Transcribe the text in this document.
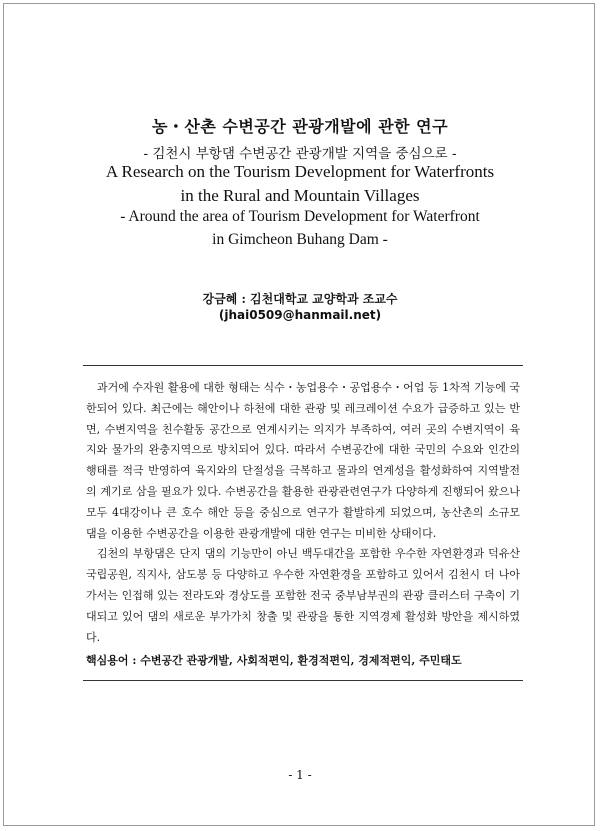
농・산촌 수변공간 관광개발에 관한 연구
- 김천시 부항댐 수변공간 관광개발 지역을 중심으로 -
A Research on the Tourism Development for Waterfronts
in the Rural and Mountain Villages
- Around the area of Tourism Development for Waterfront
in Gimcheon Buhang Dam -
강금혜 : 김천대학교 교양학과 조교수
(jhai0509@hanmail.net)

과거에 수자원 활용에 대한 형태는 식수・농업용수・공업용수・어업 등 1차적 기능에 국한되어 있다. 최근에는 해안이나 하천에 대한 관광 및 레크레이션 수요가 급증하고 있는 반면, 수변지역을 친수활동 공간으로 연계시키는 의지가 부족하여, 여러 곳의 수변지역이 육지와 물가의 완충지역으로 방치되어 있다. 따라서 수변공간에 대한 국민의 수요와 인간의 행태를 적극 반영하여 육지와의 단절성을 극복하고 물과의 연계성을 활성화하여 지역발전의 계기로 삼을 필요가 있다. 수변공간을 활용한 관광관련연구가 다양하게 진행되어 왔으나 모두 4대강이나 큰 호수 해안 등을 중심으로 연구가 활발하게 되었으며, 농산촌의 소규모 댐을 이용한 수변공간을 이용한 관광개발에 대한 연구는 미비한 상태이다.

김천의 부항댐은 단지 댐의 기능만이 아닌 백두대간을 포함한 우수한 자연환경과 덕유산국립공원, 직지사, 삼도봉 등 다양하고 우수한 자연환경을 포함하고 있어서 김천시 더 나아가서는 인접해 있는 전라도와 경상도를 포함한 전국 중부남부권의 관광 클러스터 구축이 기대되고 있어 댐의 새로운 부가가치 창출 및 관광을 통한 지역경제 활성화 방안을 제시하였다.

핵심용어 : 수변공간 관광개발, 사회적편익, 환경적편익, 경제적편익, 주민태도
- 1 -
